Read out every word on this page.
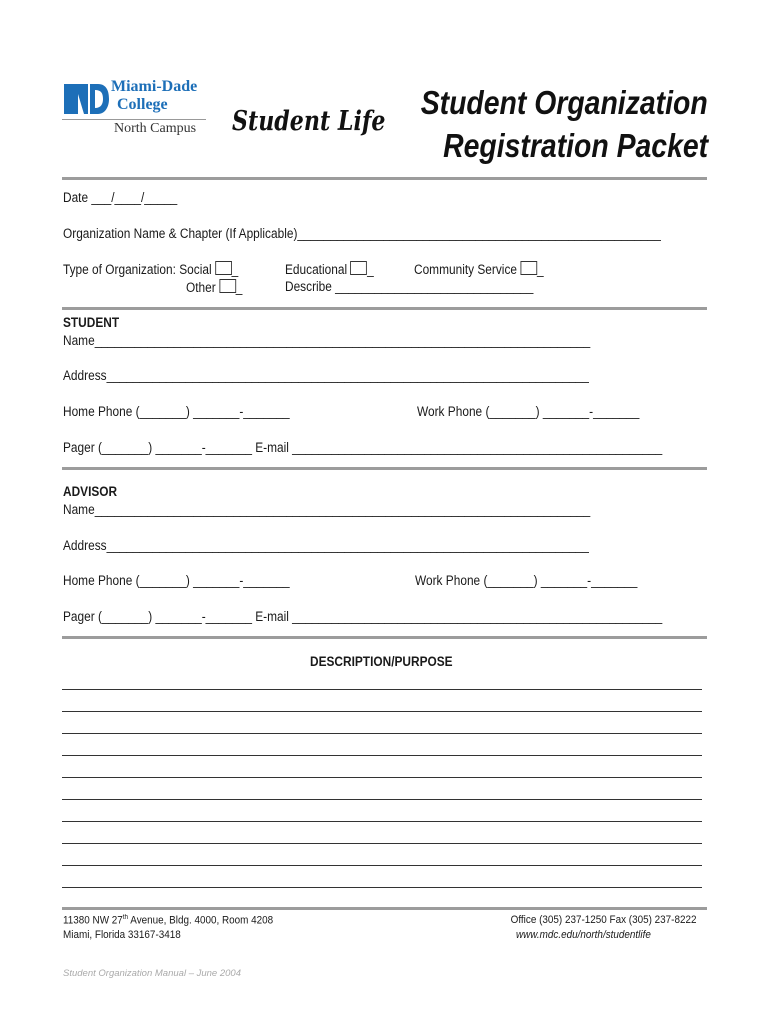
Miami-Dade
College
North Campus Student Life
Student Organization
Registration Packet
Date ___/____/_____
Organization Name & Chapter (If Applicable)_______________________________________________________
Type of Organization: Social _	Educational _	Community Service _
Other _	Describe ______________________________
STUDENT
Name___________________________________________________________________________
Address_________________________________________________________________________
Home Phone (_______) _______-_______	Work Phone (_______) _______-_______
Pager (_______) _______-_______ E-mail ________________________________________________________
ADVISOR
Name___________________________________________________________________________
Address_________________________________________________________________________
Home Phone (_______) _______-_______	Work Phone (_______) _______-_______
Pager (_______) _______-_______ E-mail ________________________________________________________
DESCRIPTION/PURPOSE
11380 NW 27th Avenue, Bldg. 4000, Room 4208
Miami, Florida 33167-3418
Office (305) 237-1250 Fax (305) 237-8222
www.mdc.edu/north/studentlife
Student Organization Manual – June 2004
